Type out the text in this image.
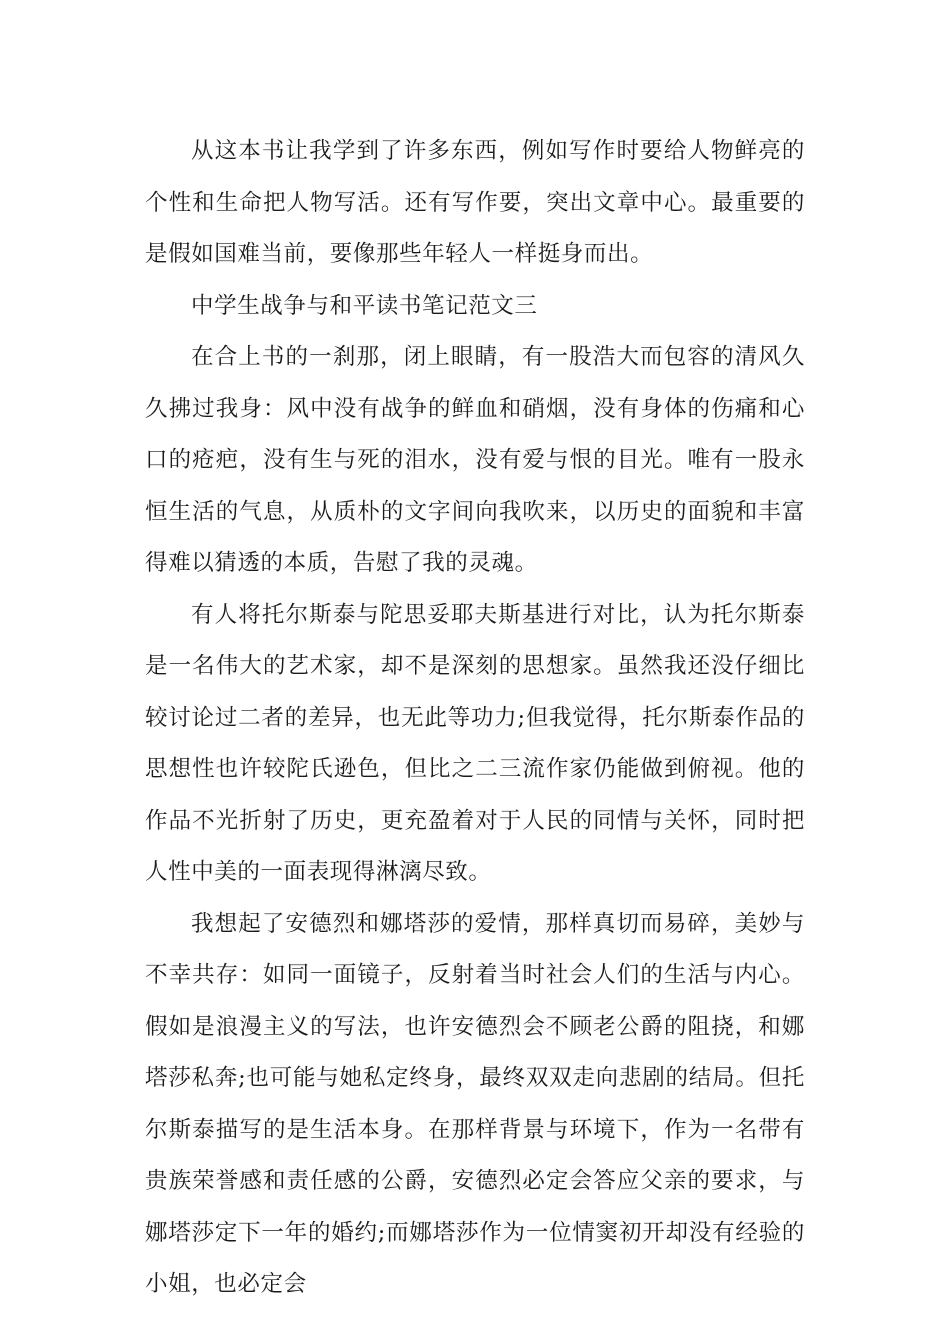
从这本书让我学到了许多东西，例如写作时要给人物鲜亮的个性和生命把人物写活。还有写作要，突出文章中心。最重要的是假如国难当前，要像那些年轻人一样挺身而出。

中学生战争与和平读书笔记范文三

在合上书的一刹那，闭上眼睛，有一股浩大而包容的清风久久拂过我身：风中没有战争的鲜血和硝烟，没有身体的伤痛和心口的疮疤，没有生与死的泪水，没有爱与恨的目光。唯有一股永恒生活的气息，从质朴的文字间向我吹来，以历史的面貌和丰富得难以猜透的本质，告慰了我的灵魂。

有人将托尔斯泰与陀思妥耶夫斯基进行对比，认为托尔斯泰是一名伟大的艺术家，却不是深刻的思想家。虽然我还没仔细比较讨论过二者的差异，也无此等功力;但我觉得，托尔斯泰作品的思想性也许较陀氏逊色，但比之二三流作家仍能做到俯视。他的作品不光折射了历史，更充盈着对于人民的同情与关怀，同时把人性中美的一面表现得淋漓尽致。

我想起了安德烈和娜塔莎的爱情，那样真切而易碎，美妙与不幸共存：如同一面镜子，反射着当时社会人们的生活与内心。假如是浪漫主义的写法，也许安德烈会不顾老公爵的阻挠，和娜塔莎私奔;也可能与她私定终身，最终双双走向悲剧的结局。但托尔斯泰描写的是生活本身。在那样背景与环境下，作为一名带有贵族荣誉感和责任感的公爵，安德烈必定会答应父亲的要求，与娜塔莎定下一年的婚约;而娜塔莎作为一位情窦初开却没有经验的小姐，也必定会
